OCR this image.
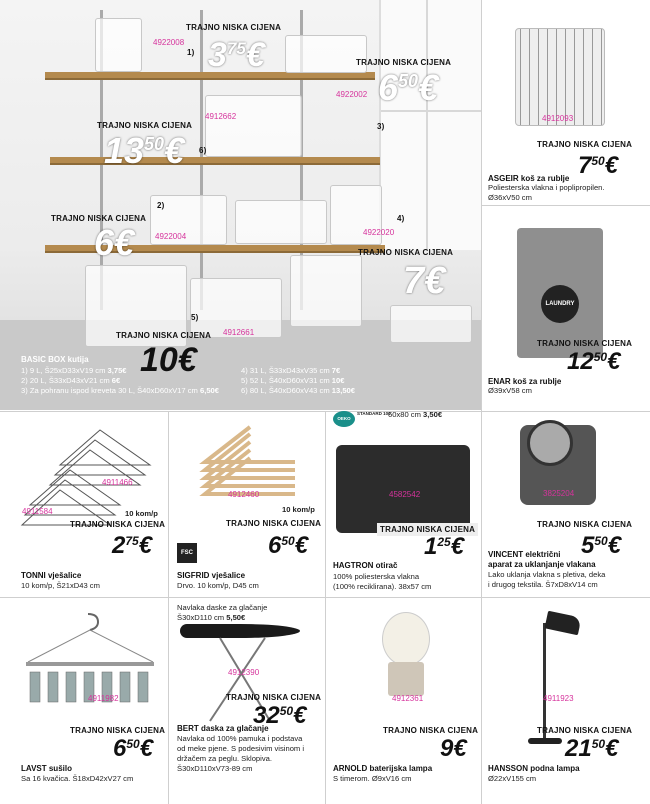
TRAJNO NISKA CIJENA
4922008
1) $3^{75}€$	TRAJNO NISKA CIJENA
4922002 $6^{50}€$
TRAJNO NISKA CIJENA
4912662
3)
6)
$13^{50}€$
2)
TRAJNO NISKA CIJENA
4922004
6€
4)
4922020
TRAJNO NISKA CIJENA
7€
5)
4912661
TRAJNO NISKA CIJENA
10€
BASIC BOX kutija
1) 9 L, Š25xD33xV19 cm 3,75€
2) 20 L, Š33xD43xV21 cm 6€
3) Za pohranu ispod kreveta 30 L, Š40xD60xV17 cm 6,50€
4) 31 L, Š33xD43xV35 cm 7€
5) 52 L, Š40xD60xV31 cm 10€
6) 80 L, Š40xD60xV43 cm 13,50€
4912093
TRAJNO NISKA CIJENA
$7^{50}€$
ASGEIR koš za rublje
Poliesterska vlakna i poplipropilen.
Ø36xV50 cm
LAUNDRY
TRAJNO NISKA CIJENA
$12^{50}€$
ENAR koš za rublje
Ø39xV58 cm
4911466
4911584	10 kom/p
TRAJNO NISKA CIJENA
$2^{75}€$
TONNI vješalice
10 kom/p, Š21xD43 cm
4912460
10 kom/p
TRAJNO NISKA CIJENA
$6^{50}€$
FSC
SIGFRID vješalice
Drvo. 10 kom/p, D45 cm
OEKO TEX
STANDARD 100
60x80 cm 3,50€
4582542
TRAJNO NISKA CIJENA
$1^{25}€$
HAGTRON otirač
100% poliesterska vlakna
(100% reciklirana). 38x57 cm
3825204
TRAJNO NISKA CIJENA
$5^{50}€$
VINCENT električni
aparat za uklanjanje vlakana
Lako uklanja vlakna s pletiva, deka
i drugog tekstila. Š7xD8xV14 cm
4911982
TRAJNO NISKA CIJENA
$6^{50}€$
LAVST sušilo
Sa 16 kvačica. Š18xD42xV27 cm
Navlaka daske za glačanje
Š30xD110 cm 5,50€
4912390
TRAJNO NISKA CIJENA
$32^{50}€$
BERT daska za glačanje
Navlaka od 100% pamuka i podstava
od meke pjene. S podesivim visinom i
držačem za peglu. Sklopiva.
Š30xD110xV73-89 cm
4912361
TRAJNO NISKA CIJENA
9€
ARNOLD baterijska lampa
S timerom. Ø9xV16 cm
4911923
TRAJNO NISKA CIJENA
$21^{50}€$
HANSSON podna lampa
Ø22xV155 cm
